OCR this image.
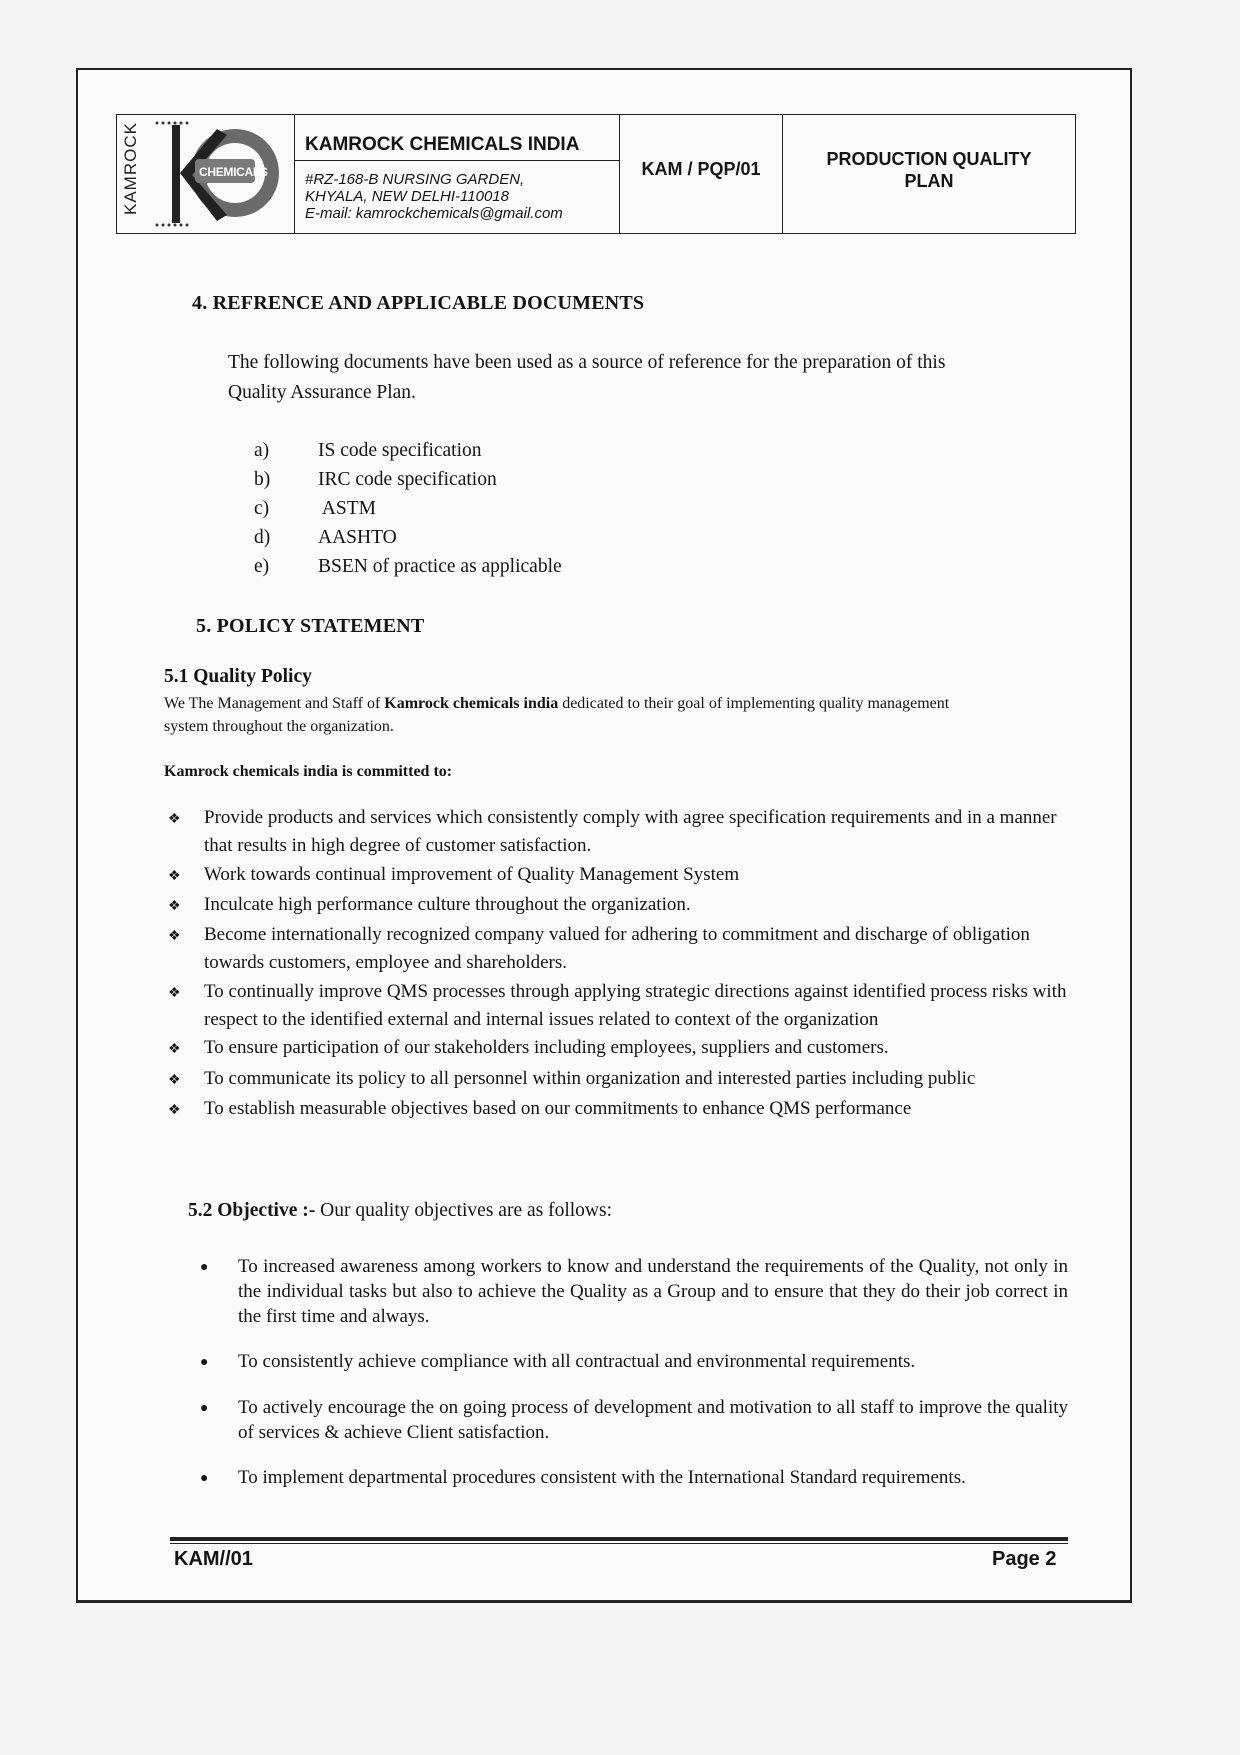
KAMROCK	CHEMICALS
KAMROCK CHEMICALS INDIA
#RZ-168-B NURSING GARDEN,
KHYALA, NEW DELHI-110018
E-mail: kamrockchemicals@gmail.com
KAM / PQP/01	PRODUCTION QUALITY
PLAN
4. REFRENCE AND APPLICABLE DOCUMENTS
The following documents have been used as a source of reference for the preparation of this
Quality Assurance Plan.
a)	IS code specification
b)	IRC code specification
c)	ASTM
d)	AASHTO
e)	BSEN of practice as applicable
5. POLICY STATEMENT
5.1 Quality Policy
We The Management and Staff of Kamrock chemicals india dedicated to their goal of implementing quality management
system throughout the organization.
Kamrock chemicals india is committed to:
❖	Provide products and services which consistently comply with agree specification requirements and in a manner that results in high degree of customer satisfaction.
❖	Work towards continual improvement of Quality Management System
❖	Inculcate high performance culture throughout the organization.
❖	Become internationally recognized company valued for adhering to commitment and discharge of obligation towards customers, employee and shareholders.
❖	To continually improve QMS processes through applying strategic directions against identified process risks with respect to the identified external and internal issues related to context of the organization
❖	To ensure participation of our stakeholders including employees, suppliers and customers.
❖	To communicate its policy to all personnel within organization and interested parties including public
❖	To establish measurable objectives based on our commitments to enhance QMS performance
5.2 Objective :- Our quality objectives are as follows:
●	To increased awareness among workers to know and understand the requirements of the Quality, not only in the individual tasks but also to achieve the Quality as a Group and to ensure that they do their job correct in the first time and always.
●	To consistently achieve compliance with all contractual and environmental requirements.
●	To actively encourage the on going process of development and motivation to all staff to improve the quality of services & achieve Client satisfaction.
●	To implement departmental procedures consistent with the International Standard requirements.
KAM//01	Page 2
